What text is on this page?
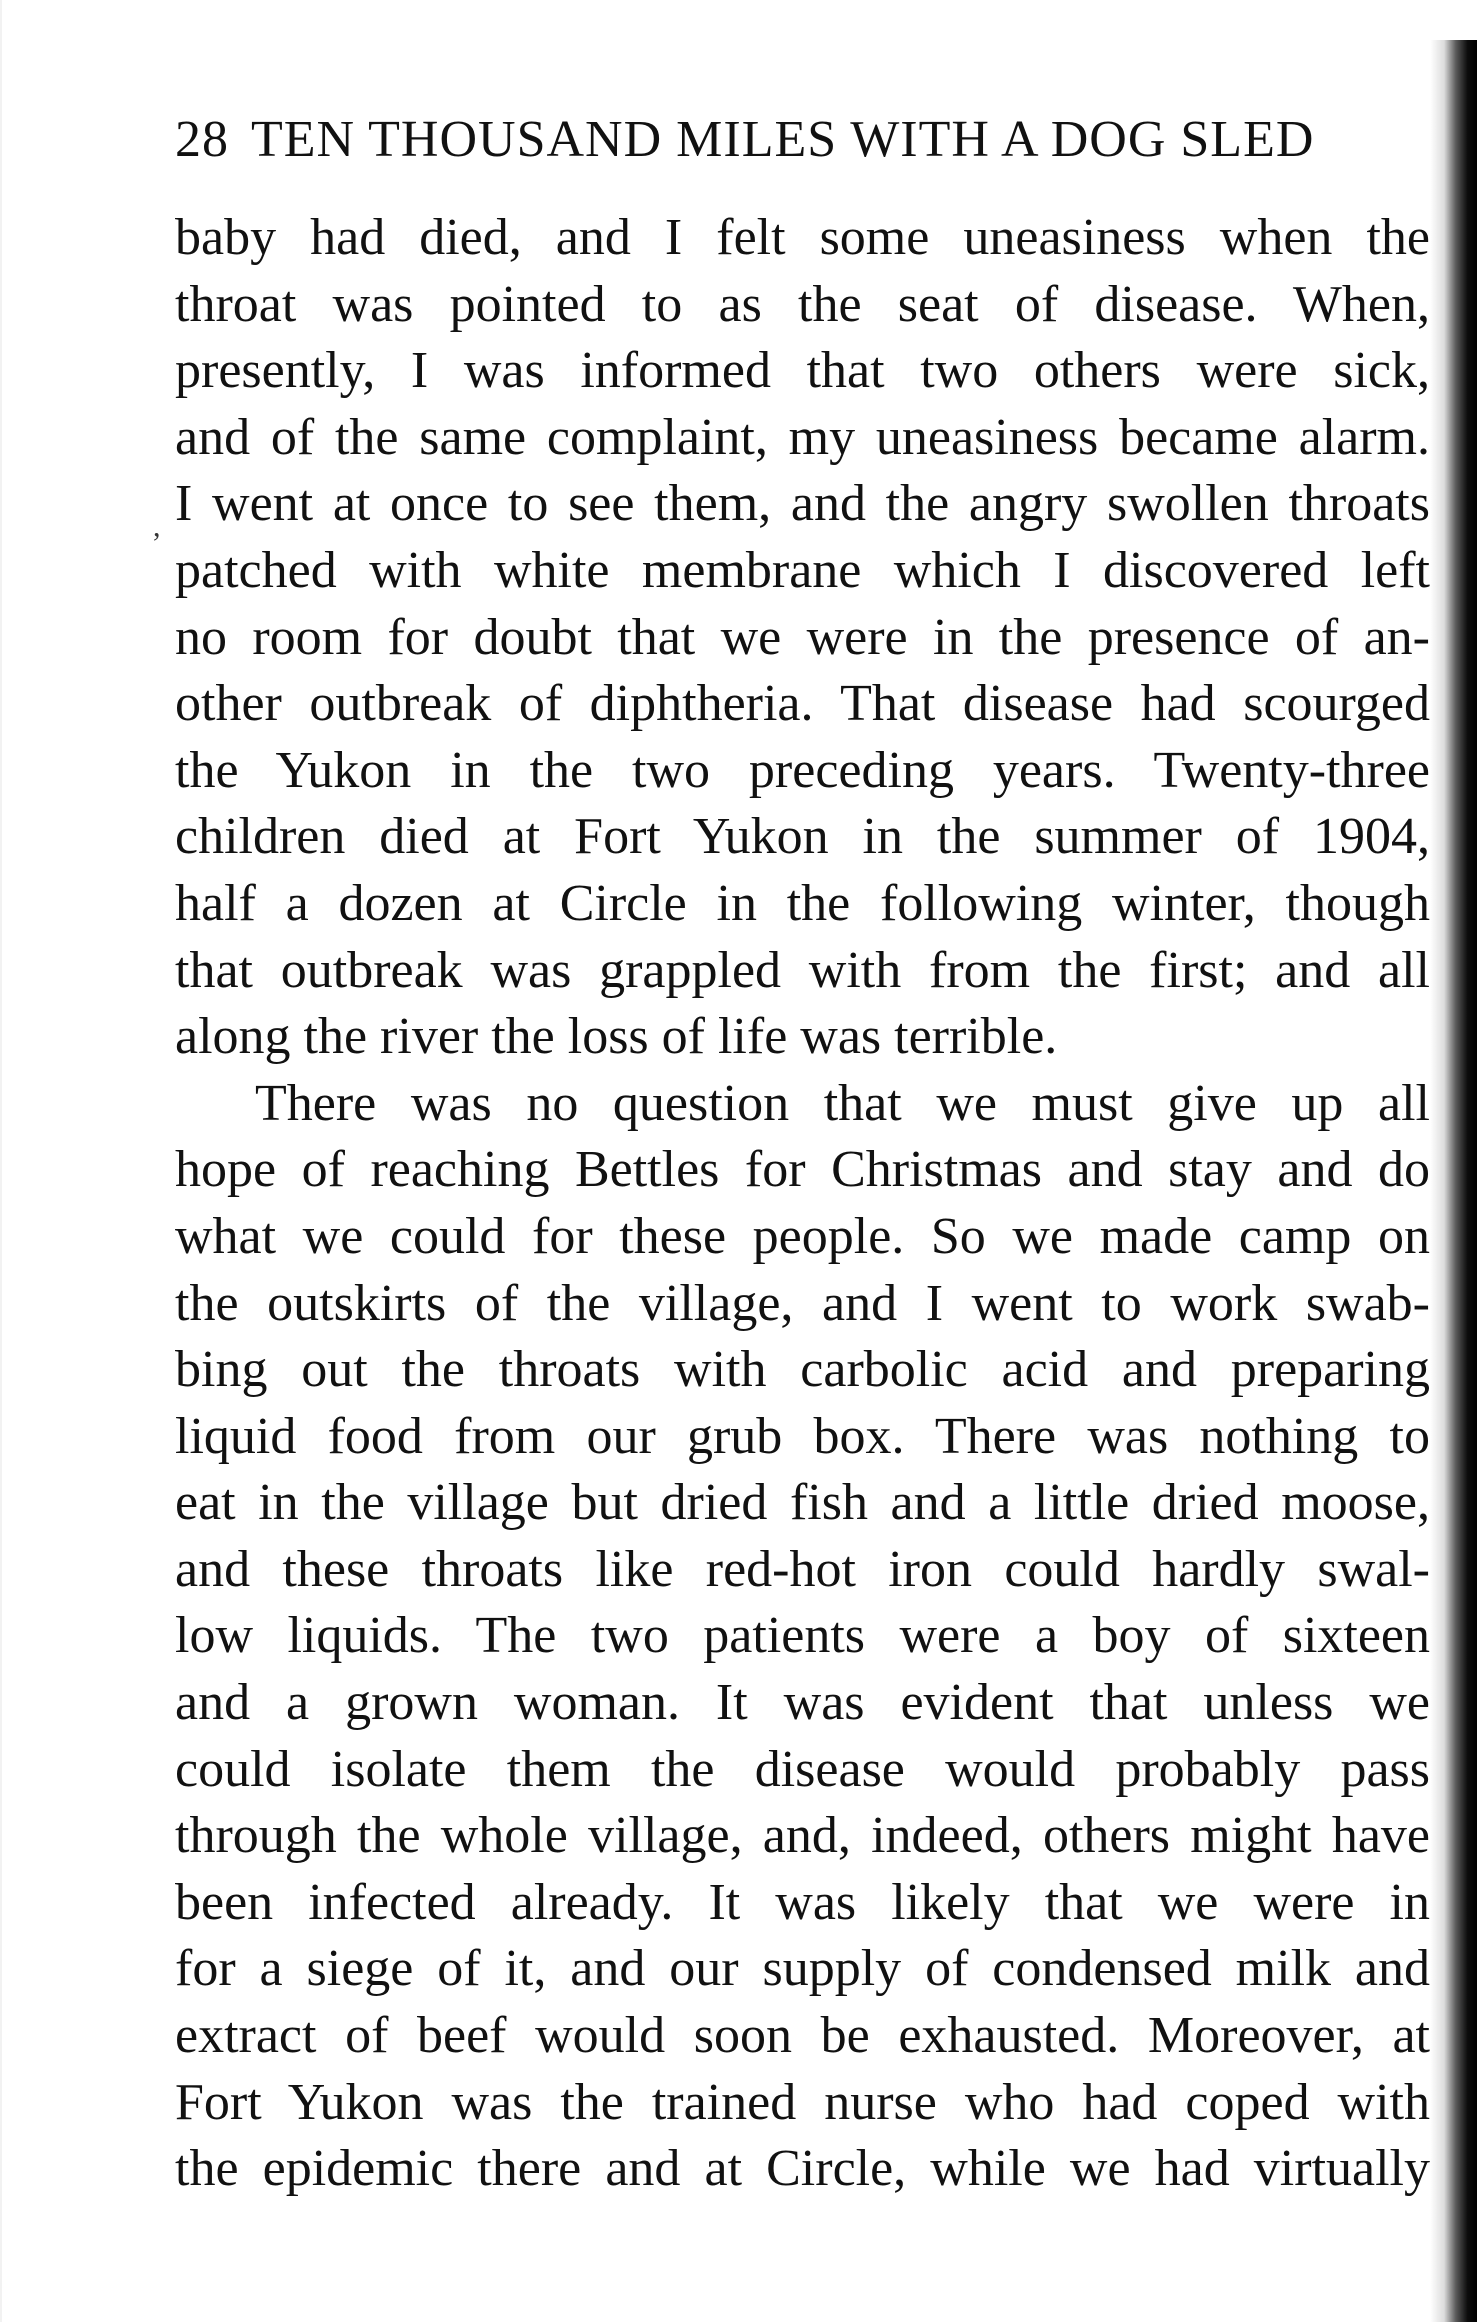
28 TEN THOUSAND MILES WITH A DOG SLED
,
baby had died, and I felt some uneasiness when the
throat was pointed to as the seat of disease. When,
presently, I was informed that two others were sick,
and of the same complaint, my uneasiness became alarm.
I went at once to see them, and the angry swollen throats
patched with white membrane which I discovered left
no room for doubt that we were in the presence of an-
other outbreak of diphtheria. That disease had scourged
the Yukon in the two preceding years. Twenty-three
children died at Fort Yukon in the summer of 1904,
half a dozen at Circle in the following winter, though
that outbreak was grappled with from the first; and all
along the river the loss of life was terrible.
There was no question that we must give up all
hope of reaching Bettles for Christmas and stay and do
what we could for these people. So we made camp on
the outskirts of the village, and I went to work swab-
bing out the throats with carbolic acid and preparing
liquid food from our grub box. There was nothing to
eat in the village but dried fish and a little dried moose,
and these throats like red-hot iron could hardly swal-
low liquids. The two patients were a boy of sixteen
and a grown woman. It was evident that unless we
could isolate them the disease would probably pass
through the whole village, and, indeed, others might have
been infected already. It was likely that we were in
for a siege of it, and our supply of condensed milk and
extract of beef would soon be exhausted. Moreover, at
Fort Yukon was the trained nurse who had coped with
the epidemic there and at Circle, while we had virtually
